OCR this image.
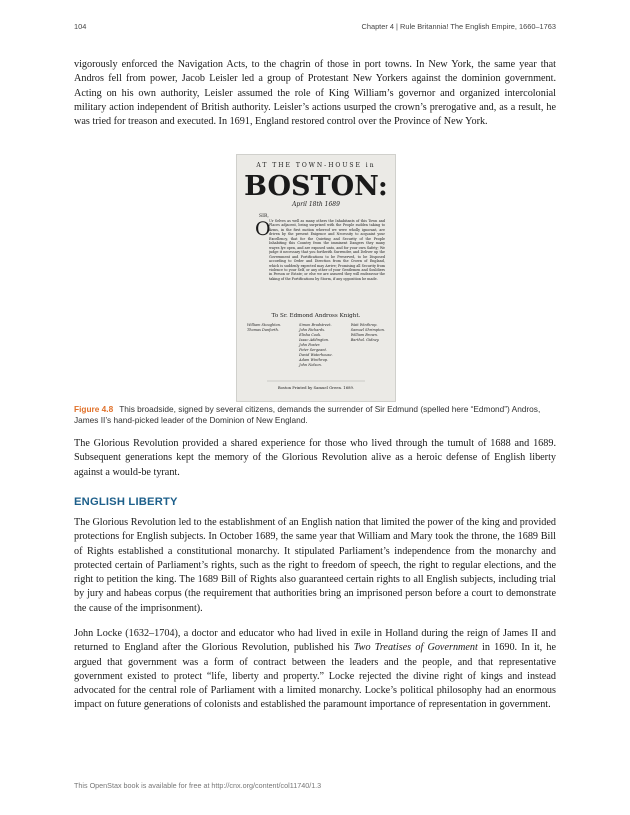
104	Chapter 4 | Rule Britannia! The English Empire, 1660–1763

vigorously enforced the Navigation Acts, to the chagrin of those in port towns. In New York, the same year that Andros fell from power, Jacob Leisler led a group of Protestant New Yorkers against the dominion government. Acting on his own authority, Leisler assumed the role of King William’s governor and organized intercolonial military action independent of British authority. Leisler’s actions usurped the crown’s prerogative and, as a result, he was tried for treason and executed. In 1691, England restored control over the Province of New York.

AT THE TOWN-HOUSE in
BOSTON:
April 18th 1689
SIR,
O
Ur Selves as well as many others the Inhabitants of this Town and Places adjacent, being surprized with the People sudden taking to Arms, in the first motion whereof we were wholly ignorant, are driven by the present Exigence and Necessity to acquaint your Excellency, that for the Quieting and Security of the People Inhabiting this Country from the imminent Dangers they many wayes lye open, and are exposed unto, and for your own Safety; We judge it necessary that you forthwith Surrender, and Deliver up the Government and Fortifications to be Preserved, to be Disposed according to Order and Direction from the Crown of England, which is suddenly expected may Arrive; Promising all Security from violence to your Self, or any other of your Gentlemen and Souldiers in Person or Estate; or else we are assured they will endeavour the taking of the Fortifications by Storm, if any opposition be made.
To Sr. Edmond Andross Knight.
William Stoughton.
Thomas Danforth.
Simon Bradstreet.
John Richards.
Elisha Cook.
Isaac Addington.
John Foster.
Peter Sergeant.
David Waterhouse.
Adam Winthrop.
John Nelson.
Wait Winthrop.
Samuel Shrimpton.
William Brown.
Barthol. Gidney.
Boston Printed by Samuel Green. 1689.

Figure 4.8 This broadside, signed by several citizens, demands the surrender of Sir Edmund (spelled here “Edmond”) Andros, James II’s hand-picked leader of the Dominion of New England.

The Glorious Revolution provided a shared experience for those who lived through the tumult of 1688 and 1689. Subsequent generations kept the memory of the Glorious Revolution alive as a heroic defense of English liberty against a would-be tyrant.

ENGLISH LIBERTY

The Glorious Revolution led to the establishment of an English nation that limited the power of the king and provided protections for English subjects. In October 1689, the same year that William and Mary took the throne, the 1689 Bill of Rights established a constitutional monarchy. It stipulated Parliament’s independence from the monarchy and protected certain of Parliament’s rights, such as the right to freedom of speech, the right to regular elections, and the right to petition the king. The 1689 Bill of Rights also guaranteed certain rights to all English subjects, including trial by jury and habeas corpus (the requirement that authorities bring an imprisoned person before a court to demonstrate the cause of the imprisonment).

John Locke (1632–1704), a doctor and educator who had lived in exile in Holland during the reign of James II and returned to England after the Glorious Revolution, published his Two Treatises of Government in 1690. In it, he argued that government was a form of contract between the leaders and the people, and that representative government existed to protect “life, liberty and property.” Locke rejected the divine right of kings and instead advocated for the central role of Parliament with a limited monarchy. Locke’s political philosophy had an enormous impact on future generations of colonists and established the paramount importance of representation in government.

This OpenStax book is available for free at http://cnx.org/content/col11740/1.3
